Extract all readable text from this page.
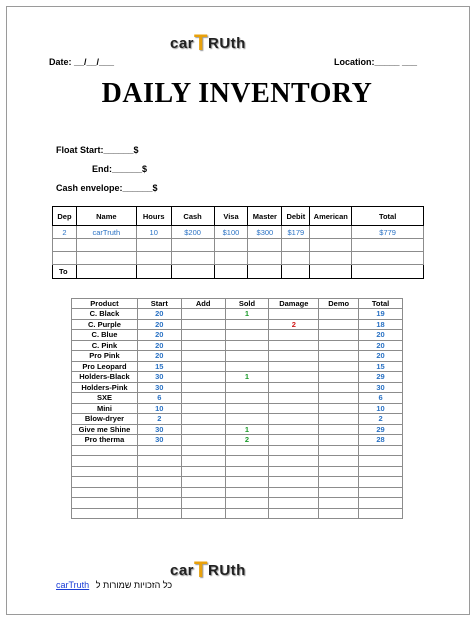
carTRUth
Date: __/__/___	Location:_____ ___
DAILY INVENTORY
Float Start:______$
End:______$
Cash envelope:______$
Dep	Name	Hours	Cash	Visa	Master	Debit	American	Total
2	carTruth	10	$200	$100	$300	$179		$779

To								
Product	Start	Add	Sold	Damage	Demo	Total
C. Black	20		1			19
C. Purple	20			2		18
C. Blue	20					20
C. Pink	20					20
Pro Pink	20					20
Pro Leopard	15					15
Holders-Black	30		1			29
Holders-Pink	30					30
SXE	6					6
Mini	10					10
Blow-dryer	2					2
Give me Shine	30		1			29
Pro therma	30		2			28

carTRUth
carTruth כל הזכויות שמורות ל
